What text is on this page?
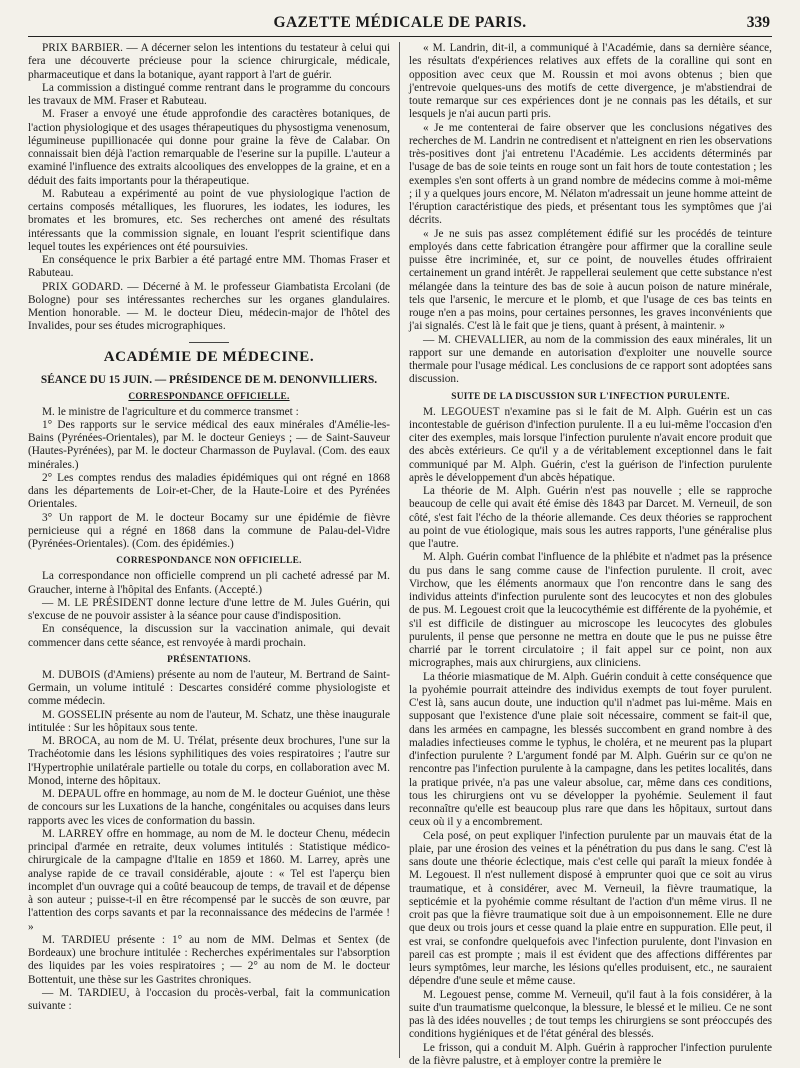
GAZETTE MÉDICALE DE PARIS.	339

PRIX BARBIER. — A décerner selon les intentions du testateur à celui qui fera une découverte précieuse pour la science chirurgicale, médicale, pharmaceutique et dans la botanique, ayant rapport à l'art de guérir.

La commission a distingué comme rentrant dans le programme du concours les travaux de MM. Fraser et Rabuteau.

M. Fraser a envoyé une étude approfondie des caractères botaniques, de l'action physiologique et des usages thérapeutiques du physostigma venenosum, légumineuse pupillionacée qui donne pour graine la fève de Calabar. On connaissait bien déjà l'action remarquable de l'eserine sur la pupille. L'auteur a examiné l'influence des extraits alcooliques des enveloppes de la graine, et en a déduit des faits importants pour la thérapeutique.

M. Rabuteau a expérimenté au point de vue physiologique l'action de certains composés métalliques, les fluorures, les iodates, les iodures, les bromates et les bromures, etc. Ses recherches ont amené des résultats intéressants que la commission signale, en louant l'esprit scientifique dans lequel toutes les expériences ont été poursuivies.

En conséquence le prix Barbier a été partagé entre MM. Thomas Fraser et Rabuteau.

PRIX GODARD. — Décerné à M. le professeur Giambatista Ercolani (de Bologne) pour ses intéressantes recherches sur les organes glandulaires. Mention honorable. — M. le docteur Dieu, médecin-major de l'hôtel des Invalides, pour ses études micrographiques.

ACADÉMIE DE MÉDECINE.
SÉANCE DU 15 JUIN. — PRÉSIDENCE DE M. DENONVILLIERS.
CORRESPONDANCE OFFICIELLE.

M. le ministre de l'agriculture et du commerce transmet :

1° Des rapports sur le service médical des eaux minérales d'Amélie-les-Bains (Pyrénées-Orientales), par M. le docteur Genieys ; — de Saint-Sauveur (Hautes-Pyrénées), par M. le docteur Charmasson de Puylaval. (Com. des eaux minérales.)

2° Les comptes rendus des maladies épidémiques qui ont régné en 1868 dans les départements de Loir-et-Cher, de la Haute-Loire et des Pyrénées Orientales.

3° Un rapport de M. le docteur Bocamy sur une épidémie de fièvre pernicieuse qui a régné en 1868 dans la commune de Palau-del-Vidre (Pyrénées-Orientales). (Com. des épidémies.)

CORRESPONDANCE NON OFFICIELLE.

La correspondance non officielle comprend un pli cacheté adressé par M. Graucher, interne à l'hôpital des Enfants. (Accepté.)

— M. LE PRÉSIDENT donne lecture d'une lettre de M. Jules Guérin, qui s'excuse de ne pouvoir assister à la séance pour cause d'indisposition.

En conséquence, la discussion sur la vaccination animale, qui devait commencer dans cette séance, est renvoyée à mardi prochain.

PRÉSENTATIONS.

M. DUBOIS (d'Amiens) présente au nom de l'auteur, M. Bertrand de Saint-Germain, un volume intitulé : Descartes considéré comme physiologiste et comme médecin.

M. GOSSELIN présente au nom de l'auteur, M. Schatz, une thèse inaugurale intitulée : Sur les hôpitaux sous tente.

M. BROCA, au nom de M. U. Trélat, présente deux brochures, l'une sur la Trachéotomie dans les lésions syphilitiques des voies respiratoires ; l'autre sur l'Hypertrophie unilatérale partielle ou totale du corps, en collaboration avec M. Monod, interne des hôpitaux.

M. DEPAUL offre en hommage, au nom de M. le docteur Guéniot, une thèse de concours sur les Luxations de la hanche, congénitales ou acquises dans leurs rapports avec les vices de conformation du bassin.

M. LARREY offre en hommage, au nom de M. le docteur Chenu, médecin principal d'armée en retraite, deux volumes intitulés : Statistique médico-chirurgicale de la campagne d'Italie en 1859 et 1860. M. Larrey, après une analyse rapide de ce travail considérable, ajoute : « Tel est l'aperçu bien incomplet d'un ouvrage qui a coûté beaucoup de temps, de travail et de dépense à son auteur ; puisse-t-il en être récompensé par le succès de son œuvre, par l'attention des corps savants et par la reconnaissance des médecins de l'armée ! »

M. TARDIEU présente : 1° au nom de MM. Delmas et Sentex (de Bordeaux) une brochure intitulée : Recherches expérimentales sur l'absorption des liquides par les voies respiratoires ; — 2° au nom de M. le docteur Bottentuit, une thèse sur les Gastrites chroniques.

— M. TARDIEU, à l'occasion du procès-verbal, fait la communication suivante :

« M. Landrin, dit-il, a communiqué à l'Académie, dans sa dernière séance, les résultats d'expériences relatives aux effets de la coralline qui sont en opposition avec ceux que M. Roussin et moi avons obtenus ; bien que j'entrevoie quelques-uns des motifs de cette divergence, je m'abstiendrai de toute remarque sur ces expériences dont je ne connais pas les détails, et sur lesquels je n'ai aucun parti pris.

« Je me contenterai de faire observer que les conclusions négatives des recherches de M. Landrin ne contredisent et n'atteignent en rien les observations très-positives dont j'ai entretenu l'Académie. Les accidents déterminés par l'usage de bas de soie teints en rouge sont un fait hors de toute contestation ; les exemples s'en sont offerts à un grand nombre de médecins comme à moi-même ; il y a quelques jours encore, M. Nélaton m'adressait un jeune homme atteint de l'éruption caractéristique des pieds, et présentant tous les symptômes que j'ai décrits.

« Je ne suis pas assez complétement édifié sur les procédés de teinture employés dans cette fabrication étrangère pour affirmer que la coralline seule puisse être incriminée, et, sur ce point, de nouvelles études offriraient certainement un grand intérêt. Je rappellerai seulement que cette substance n'est mélangée dans la teinture des bas de soie à aucun poison de nature minérale, tels que l'arsenic, le mercure et le plomb, et que l'usage de ces bas teints en rouge n'en a pas moins, pour certaines personnes, les graves inconvénients que j'ai signalés. C'est là le fait que je tiens, quant à présent, à maintenir. »

— M. CHEVALLIER, au nom de la commission des eaux minérales, lit un rapport sur une demande en autorisation d'exploiter une nouvelle source thermale pour l'usage médical. Les conclusions de ce rapport sont adoptées sans discussion.

SUITE DE LA DISCUSSION SUR L'INFECTION PURULENTE.

M. LEGOUEST n'examine pas si le fait de M. Alph. Guérin est un cas incontestable de guérison d'infection purulente. Il a eu lui-même l'occasion d'en citer des exemples, mais lorsque l'infection purulente n'avait encore produit que des abcès extérieurs. Ce qu'il y a de véritablement exceptionnel dans le fait communiqué par M. Alph. Guérin, c'est la guérison de l'infection purulente après le développement d'un abcès hépatique.

La théorie de M. Alph. Guérin n'est pas nouvelle ; elle se rapproche beaucoup de celle qui avait été émise dès 1843 par Darcet. M. Verneuil, de son côté, s'est fait l'écho de la théorie allemande. Ces deux théories se rapprochent au point de vue étiologique, mais sous les autres rapports, l'une généralise plus que l'autre.

M. Alph. Guérin combat l'influence de la phlébite et n'admet pas la présence du pus dans le sang comme cause de l'infection purulente. Il croit, avec Virchow, que les éléments anormaux que l'on rencontre dans le sang des individus atteints d'infection purulente sont des leucocytes et non des globules de pus. M. Legouest croit que la leucocythémie est différente de la pyohémie, et s'il est difficile de distinguer au microscope les leucocytes des globules purulents, il pense que personne ne mettra en doute que le pus ne puisse être charrié par le torrent circulatoire ; il fait appel sur ce point, non aux micrographes, mais aux chirurgiens, aux cliniciens.

La théorie miasmatique de M. Alph. Guérin conduit à cette conséquence que la pyohémie pourrait atteindre des individus exempts de tout foyer purulent. C'est là, sans aucun doute, une induction qu'il n'admet pas lui-même. Mais en supposant que l'existence d'une plaie soit nécessaire, comment se fait-il que, dans les armées en campagne, les blessés succombent en grand nombre à des maladies infectieuses comme le typhus, le choléra, et ne meurent pas la plupart d'infection purulente ? L'argument fondé par M. Alph. Guérin sur ce qu'on ne rencontre pas l'infection purulente à la campagne, dans les petites localités, dans la pratique privée, n'a pas une valeur absolue, car, même dans ces conditions, tous les chirurgiens ont vu se développer la pyohémie. Seulement il faut reconnaître qu'elle est beaucoup plus rare que dans les hôpitaux, surtout dans ceux où il y a encombrement.

Cela posé, on peut expliquer l'infection purulente par un mauvais état de la plaie, par une érosion des veines et la pénétration du pus dans le sang. C'est là sans doute une théorie éclectique, mais c'est celle qui paraît la mieux fondée à M. Legouest. Il n'est nullement disposé à emprunter quoi que ce soit au virus traumatique, et à considérer, avec M. Verneuil, la fièvre traumatique, la septicémie et la pyohémie comme résultant de l'action d'un même virus. Il ne croit pas que la fièvre traumatique soit due à un empoisonnement. Elle ne dure que deux ou trois jours et cesse quand la plaie entre en suppuration. Elle peut, il est vrai, se confondre quelquefois avec l'infection purulente, dont l'invasion en pareil cas est prompte ; mais il est évident que des affections différentes par leurs symptômes, leur marche, les lésions qu'elles produisent, etc., ne sauraient dépendre d'une seule et même cause.

M. Legouest pense, comme M. Verneuil, qu'il faut à la fois considérer, à la suite d'un traumatisme quelconque, la blessure, le blessé et le milieu. Ce ne sont pas là des idées nouvelles ; de tout temps les chirurgiens se sont préoccupés des conditions hygiéniques et de l'état général des blessés.

Le frisson, qui a conduit M. Alph. Guérin à rapprocher l'infection purulente de la fièvre palustre, et à employer contre la première le
